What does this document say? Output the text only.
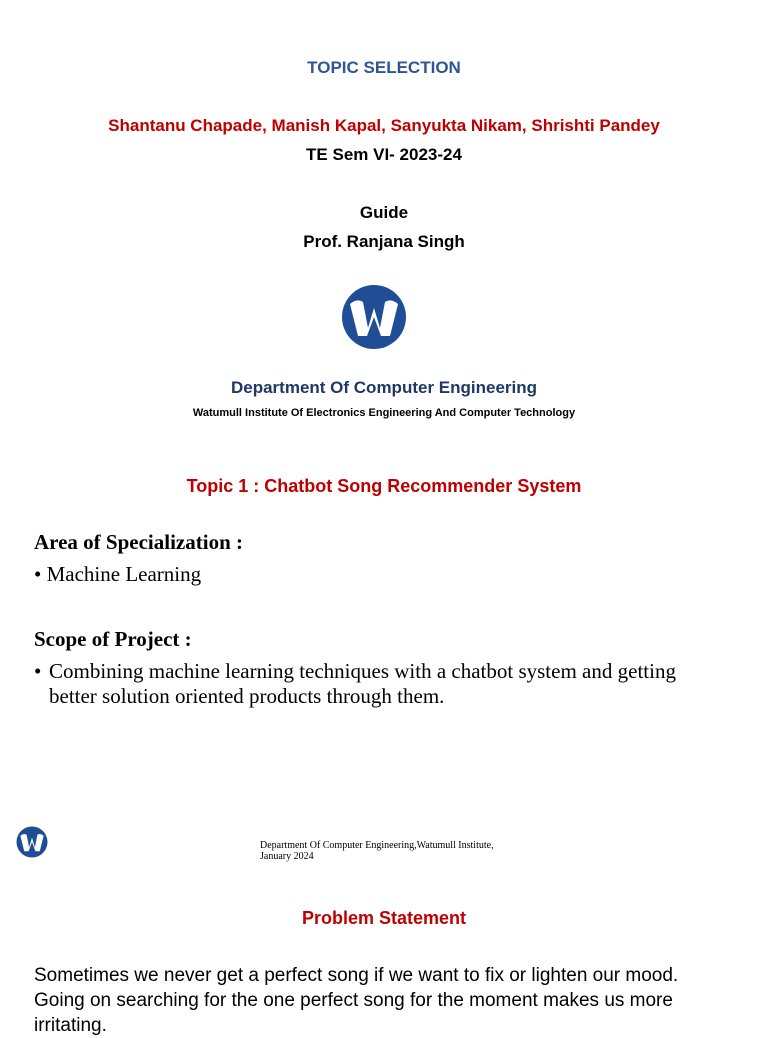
TOPIC SELECTION
Shantanu Chapade, Manish Kapal, Sanyukta Nikam, Shrishti Pandey
TE Sem VI- 2023-24
Guide
Prof. Ranjana Singh
Department Of Computer Engineering
Watumull Institute Of Electronics Engineering And Computer Technology
Topic 1 : Chatbot Song Recommender System
Area of Specialization :
• Machine Learning
Scope of Project :
• Combining machine learning techniques with a chatbot system and getting better solution oriented products through them.
Department Of Computer Engineering,Watumull Institute, January 2024
Problem Statement
Sometimes we never get a perfect song if we want to fix or lighten our mood. Going on searching for the one perfect song for the moment makes us more irritating.
